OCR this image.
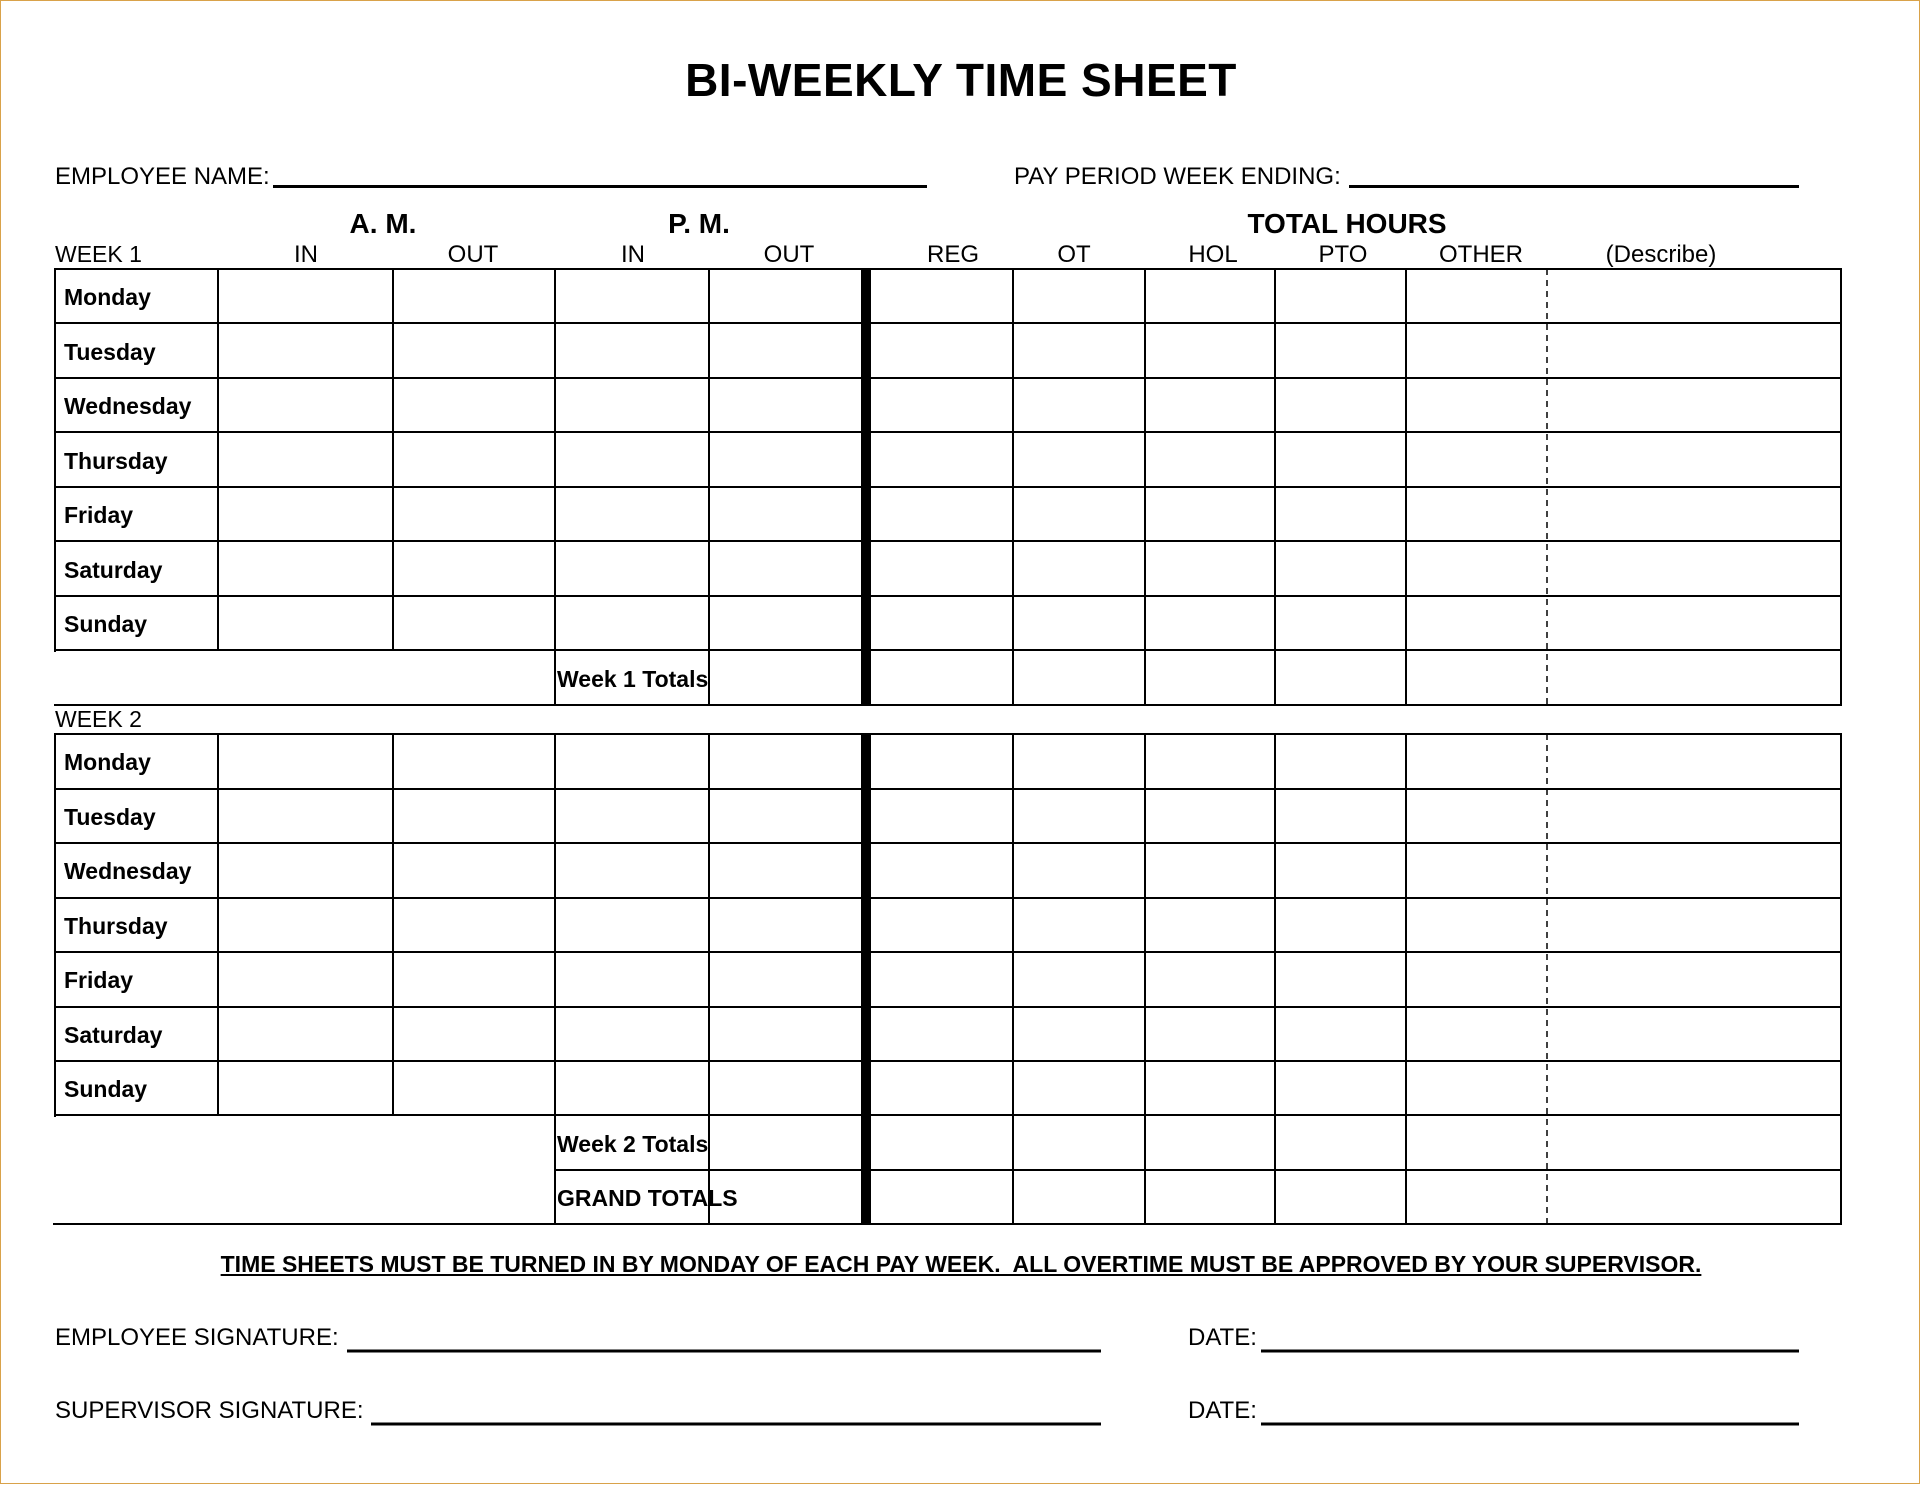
BI-WEEKLY TIME SHEET
EMPLOYEE NAME:	PAY PERIOD WEEK ENDING:
A. M.	P. M.	TOTAL HOURS
WEEK 1	IN	OUT	IN	OUT	REG	OT	HOL	PTO	OTHER	(Describe)
Monday
Tuesday
Wednesday
Thursday
Friday
Saturday
Sunday
Week 1 Totals
WEEK 2
Monday
Tuesday
Wednesday
Thursday
Friday
Saturday
Sunday
Week 2 Totals
GRAND TOTALS
TIME SHEETS MUST BE TURNED IN BY MONDAY OF EACH PAY WEEK.  ALL OVERTIME MUST BE APPROVED BY YOUR SUPERVISOR.
EMPLOYEE SIGNATURE:	DATE:
SUPERVISOR SIGNATURE:	DATE:
